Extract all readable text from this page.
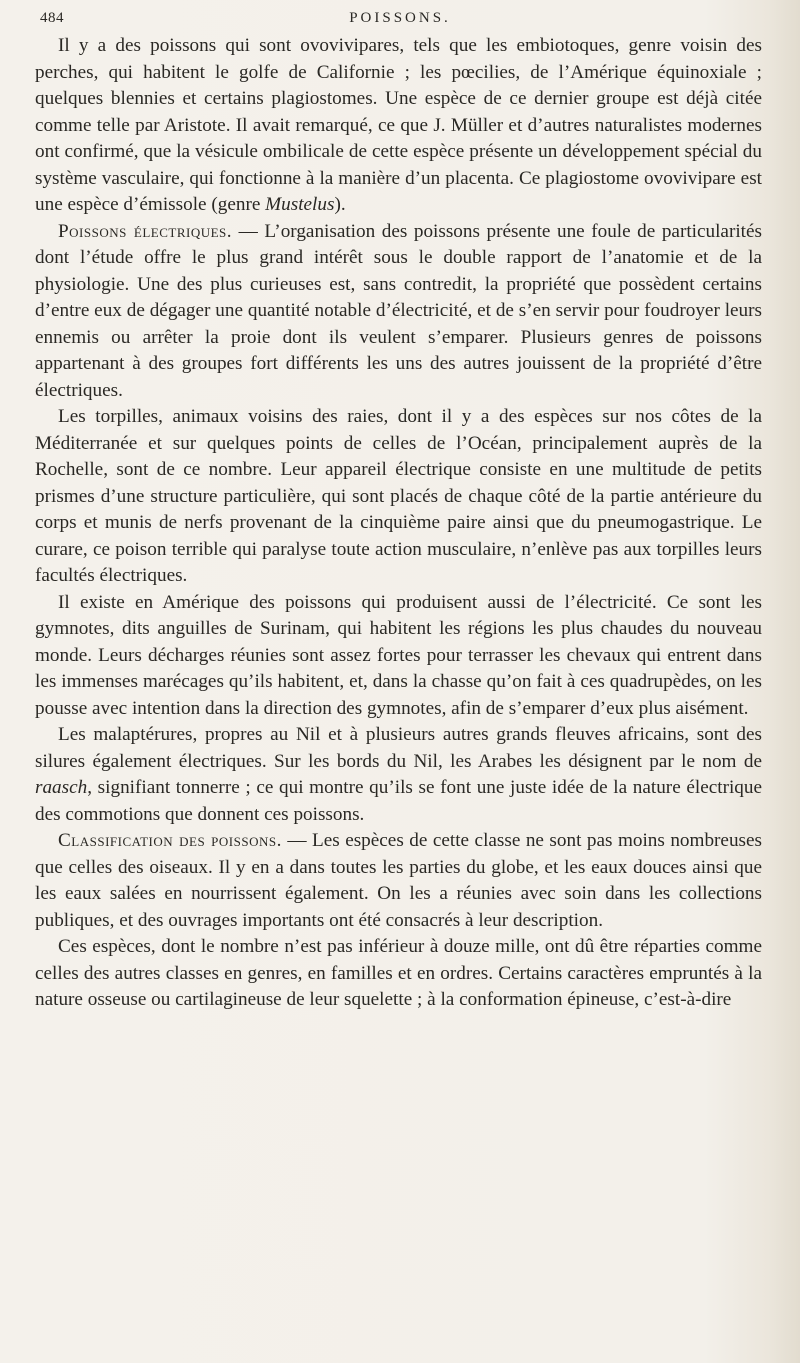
484	POISSONS.

Il y a des poissons qui sont ovovivipares, tels que les embiotoques, genre voisin des perches, qui habitent le golfe de Californie ; les pœcilies, de l’Amérique équinoxiale ; quelques blennies et certains plagiostomes. Une espèce de ce dernier groupe est déjà citée comme telle par Aristote. Il avait remarqué, ce que J. Müller et d’autres naturalistes modernes ont confirmé, que la vésicule ombilicale de cette espèce présente un développement spécial du système vasculaire, qui fonctionne à la manière d’un placenta. Ce plagiostome ovovivipare est une espèce d’émissole (genre Mustelus).

Poissons électriques. — L’organisation des poissons présente une foule de particularités dont l’étude offre le plus grand intérêt sous le double rapport de l’anatomie et de la physiologie. Une des plus curieuses est, sans contredit, la propriété que possèdent certains d’entre eux de dégager une quantité notable d’électricité, et de s’en servir pour foudroyer leurs ennemis ou arrêter la proie dont ils veulent s’emparer. Plusieurs genres de poissons appartenant à des groupes fort différents les uns des autres jouissent de la propriété d’être électriques.

Les torpilles, animaux voisins des raies, dont il y a des espèces sur nos côtes de la Méditerranée et sur quelques points de celles de l’Océan, principalement auprès de la Rochelle, sont de ce nombre. Leur appareil électrique consiste en une multitude de petits prismes d’une structure particulière, qui sont placés de chaque côté de la partie antérieure du corps et munis de nerfs provenant de la cinquième paire ainsi que du pneumogastrique. Le curare, ce poison terrible qui paralyse toute action musculaire, n’enlève pas aux torpilles leurs facultés électriques.

Il existe en Amérique des poissons qui produisent aussi de l’électricité. Ce sont les gymnotes, dits anguilles de Surinam, qui habitent les régions les plus chaudes du nouveau monde. Leurs décharges réunies sont assez fortes pour terrasser les chevaux qui entrent dans les immenses marécages qu’ils habitent, et, dans la chasse qu’on fait à ces quadrupèdes, on les pousse avec intention dans la direction des gymnotes, afin de s’emparer d’eux plus aisément.

Les malaptérures, propres au Nil et à plusieurs autres grands fleuves africains, sont des silures également électriques. Sur les bords du Nil, les Arabes les désignent par le nom de raasch, signifiant tonnerre ; ce qui montre qu’ils se font une juste idée de la nature électrique des commotions que donnent ces poissons.

Classification des poissons. — Les espèces de cette classe ne sont pas moins nombreuses que celles des oiseaux. Il y en a dans toutes les parties du globe, et les eaux douces ainsi que les eaux salées en nourrissent également. On les a réunies avec soin dans les collections publiques, et des ouvrages importants ont été consacrés à leur description.

Ces espèces, dont le nombre n’est pas inférieur à douze mille, ont dû être réparties comme celles des autres classes en genres, en familles et en ordres. Certains caractères empruntés à la nature osseuse ou cartilagineuse de leur squelette ; à la conformation épineuse, c’est-à-dire
